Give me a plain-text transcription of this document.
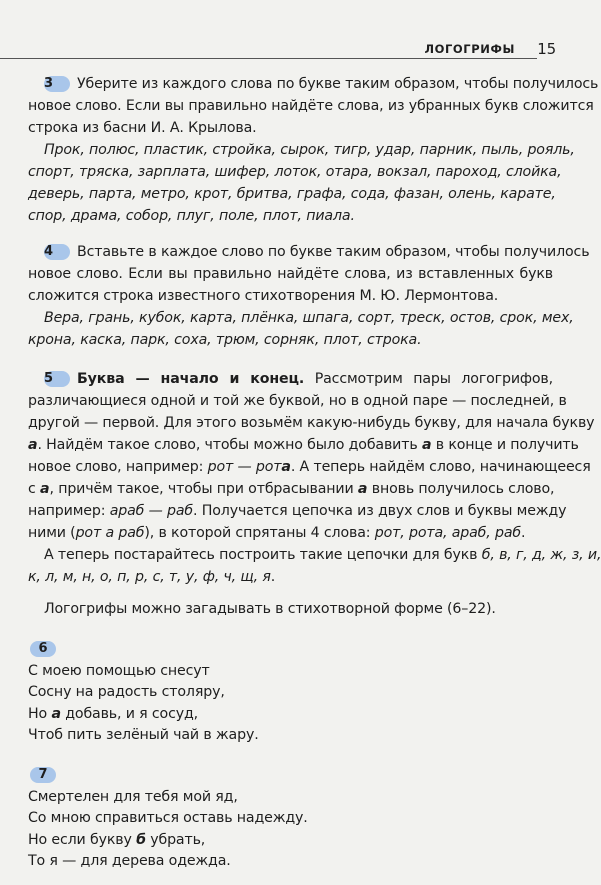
ЛОГОГРИФЫ 15
3 Уберите из каждого слова по букве таким образом, чтобы получилось
новое слово. Если вы правильно найдёте слова, из убранных букв сложится
строка из басни И. А. Крылова.
Прок, полюс, пластик, стройка, сырок, тигр, удар, парник, пыль, рояль,
спорт, тряска, зарплата, шифер, лоток, отара, вокзал, пароход, слойка,
деверь, парта, метро, крот, бритва, графа, сода, фазан, олень, карате,
спор, драма, собор, плуг, поле, плот, пиала.
4 Вставьте в каждое слово по букве таким образом, чтобы получилось
новое слово. Если вы правильно найдёте слова, из вставленных букв
сложится строка известного стихотворения М. Ю. Лермонтова.
Вера, грань, кубок, карта, плёнка, шпага, сорт, треск, остов, срок, мех,
крона, каска, парк, соха, трюм, сорняк, плот, строка.
5 Буква — начало и конец. Рассмотрим пары логогрифов,
различающиеся одной и той же буквой, но в одной паре — последней, в
другой — первой. Для этого возьмём какую-нибудь букву, для начала букву
а. Найдём такое слово, чтобы можно было добавить а в конце и получить
новое слово, например: рот — рота. А теперь найдём слово, начинающееся
с а, причём такое, чтобы при отбрасывании а вновь получилось слово,
например: араб — раб. Получается цепочка из двух слов и буквы между
ними (рот а раб), в которой спрятаны 4 слова: рот, рота, араб, раб.
А теперь постарайтесь построить такие цепочки для букв б, в, г, д, ж, з, и,
к, л, м, н, о, п, р, с, т, у, ф, ч, щ, я.
Логогрифы можно загадывать в стихотворной форме (6–22).
6
С моею помощью снесут
Сосну на радость столяру,
Но а добавь, и я сосуд,
Чтоб пить зелёный чай в жару.
7
Смертелен для тебя мой яд,
Со мною справиться оставь надежду.
Но если букву б убрать,
То я — для дерева одежда.
